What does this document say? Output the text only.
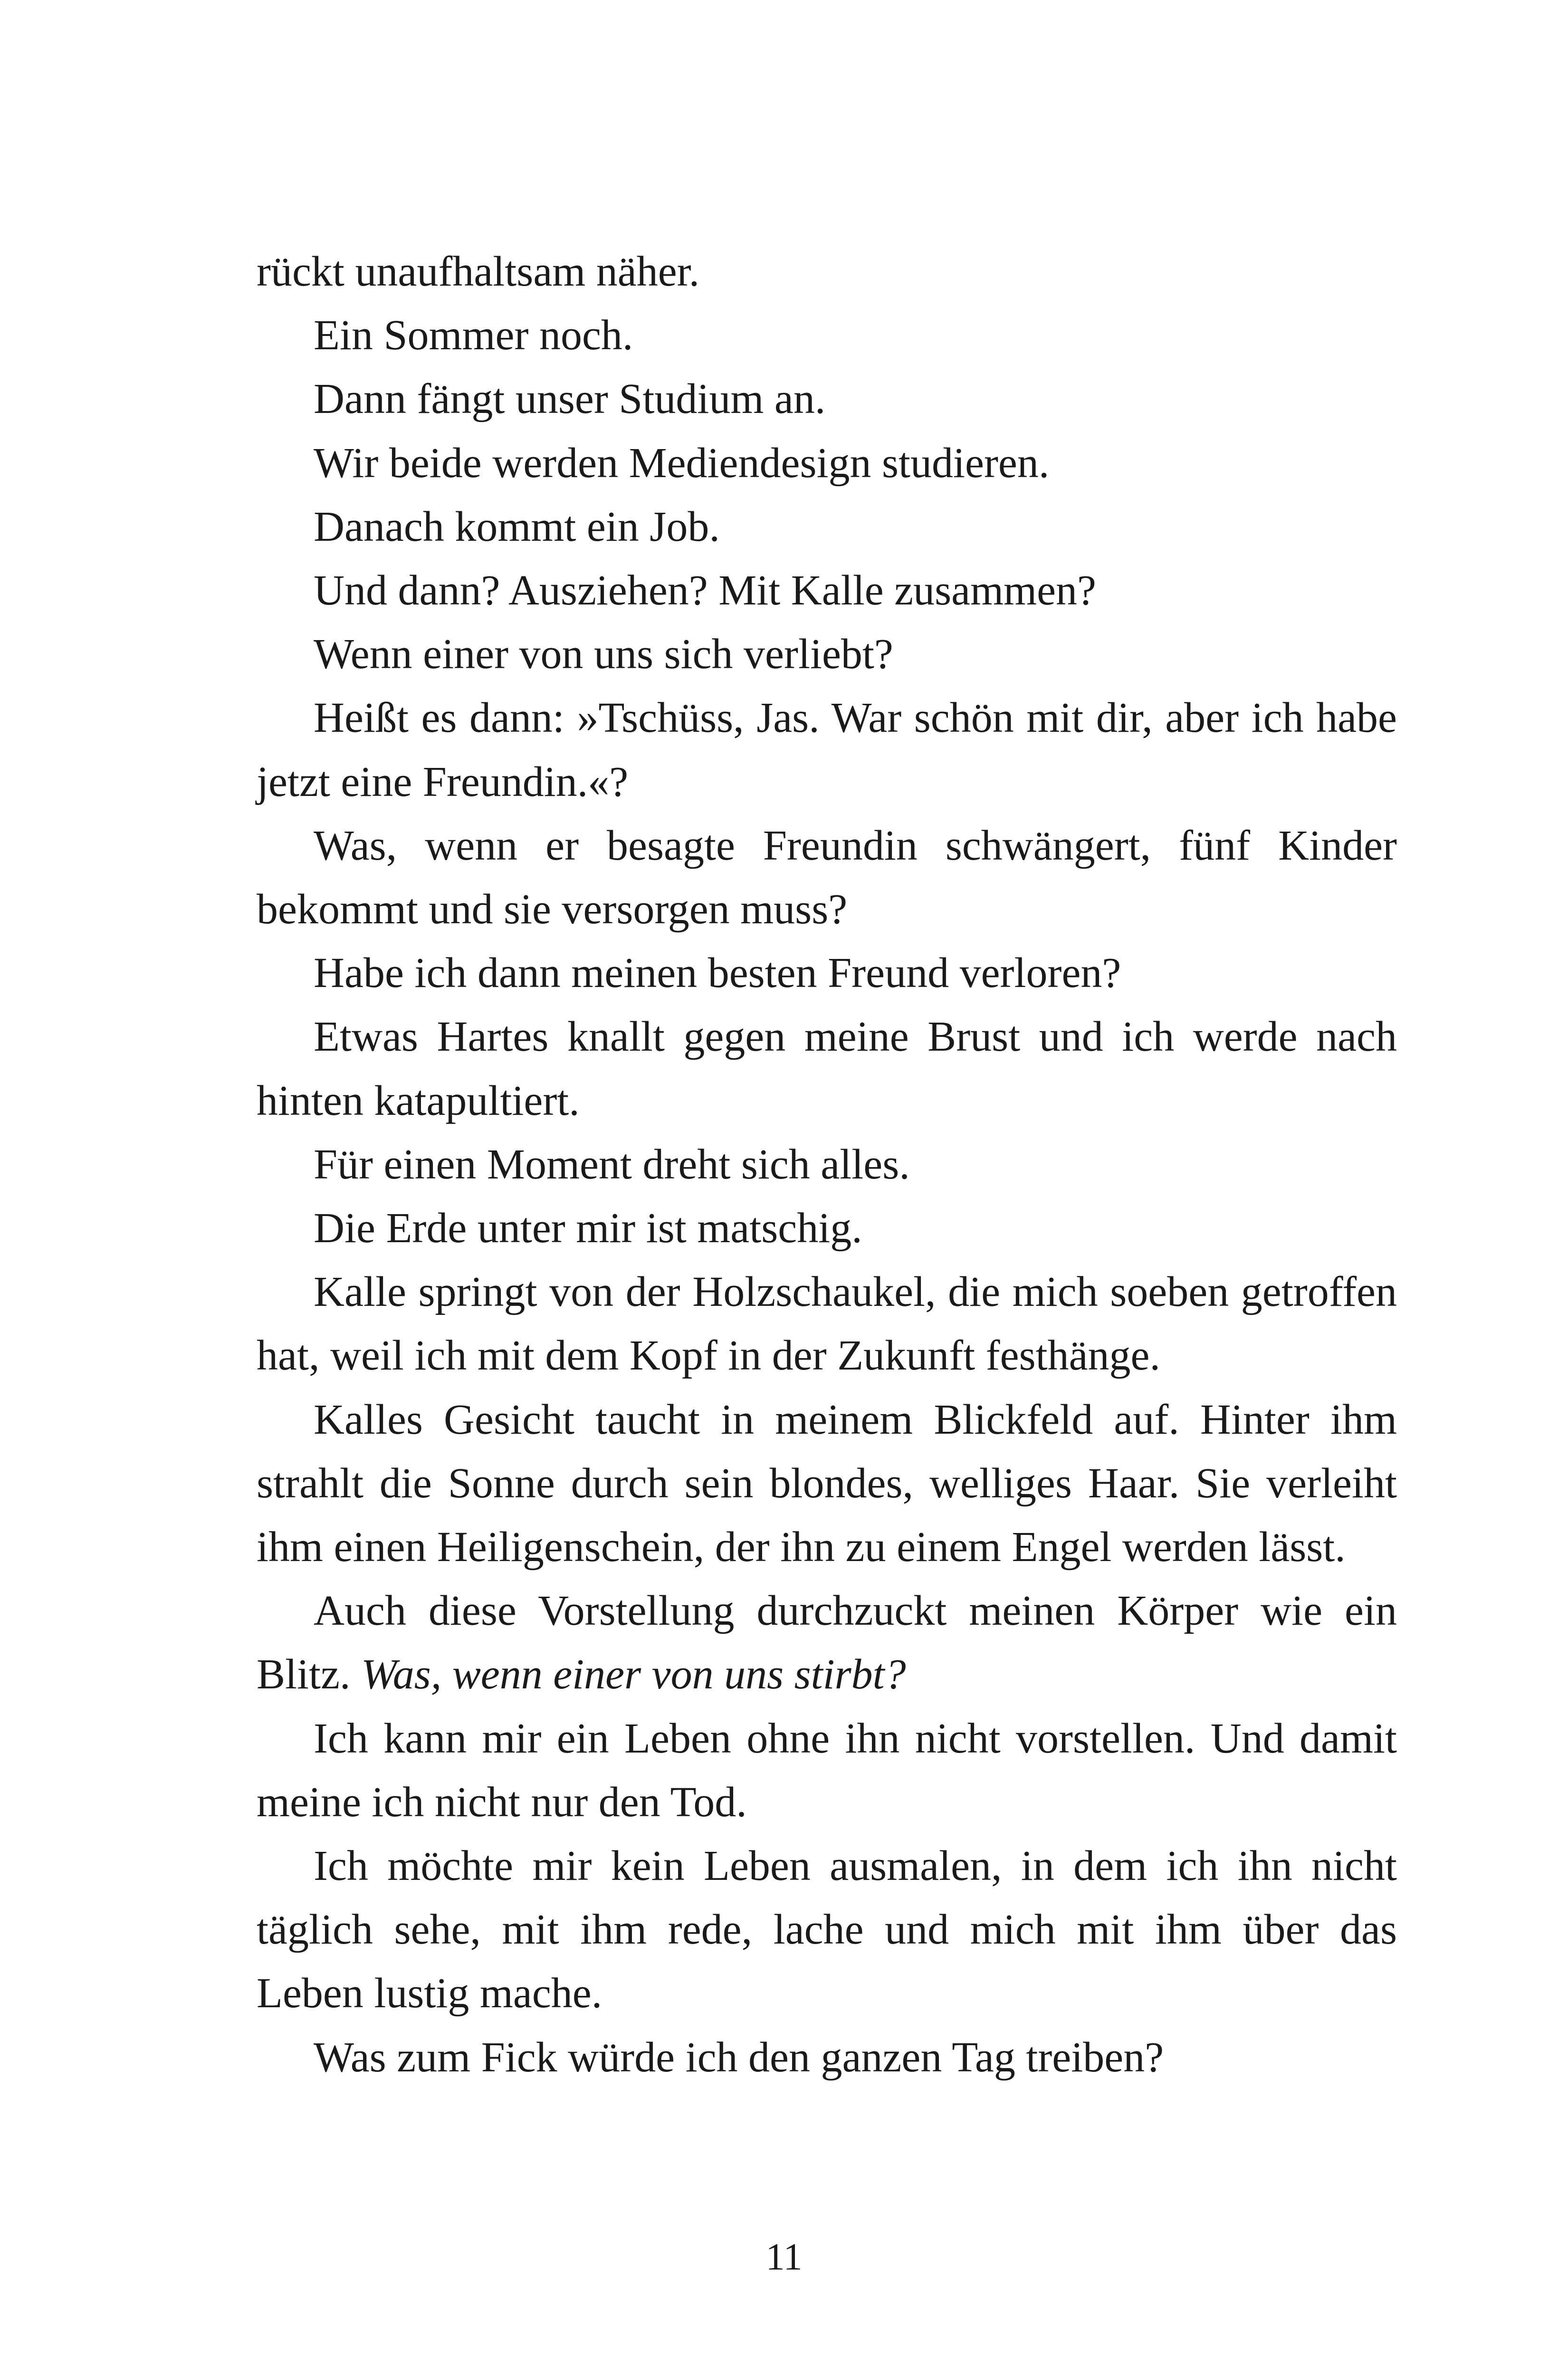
rückt unaufhaltsam näher.

Ein Sommer noch.

Dann fängt unser Studium an.

Wir beide werden Mediendesign studieren.

Danach kommt ein Job.

Und dann? Ausziehen? Mit Kalle zusammen?

Wenn einer von uns sich verliebt?

Heißt es dann: »Tschüss, Jas. War schön mit dir, aber ich habe jetzt eine Freundin.«?

Was, wenn er besagte Freundin schwängert, fünf Kinder bekommt und sie versorgen muss?

Habe ich dann meinen besten Freund verloren?

Etwas Hartes knallt gegen meine Brust und ich werde nach hinten katapultiert.

Für einen Moment dreht sich alles.

Die Erde unter mir ist matschig.

Kalle springt von der Holzschaukel, die mich soeben getroffen hat, weil ich mit dem Kopf in der Zukunft festhänge.

Kalles Gesicht taucht in meinem Blickfeld auf. Hinter ihm strahlt die Sonne durch sein blondes, welliges Haar. Sie verleiht ihm einen Heiligenschein, der ihn zu einem Engel werden lässt.

Auch diese Vorstellung durchzuckt meinen Körper wie ein Blitz. Was, wenn einer von uns stirbt?

Ich kann mir ein Leben ohne ihn nicht vorstellen. Und damit meine ich nicht nur den Tod.

Ich möchte mir kein Leben ausmalen, in dem ich ihn nicht täglich sehe, mit ihm rede, lache und mich mit ihm über das Leben lustig mache.

Was zum Fick würde ich den ganzen Tag treiben?

11
